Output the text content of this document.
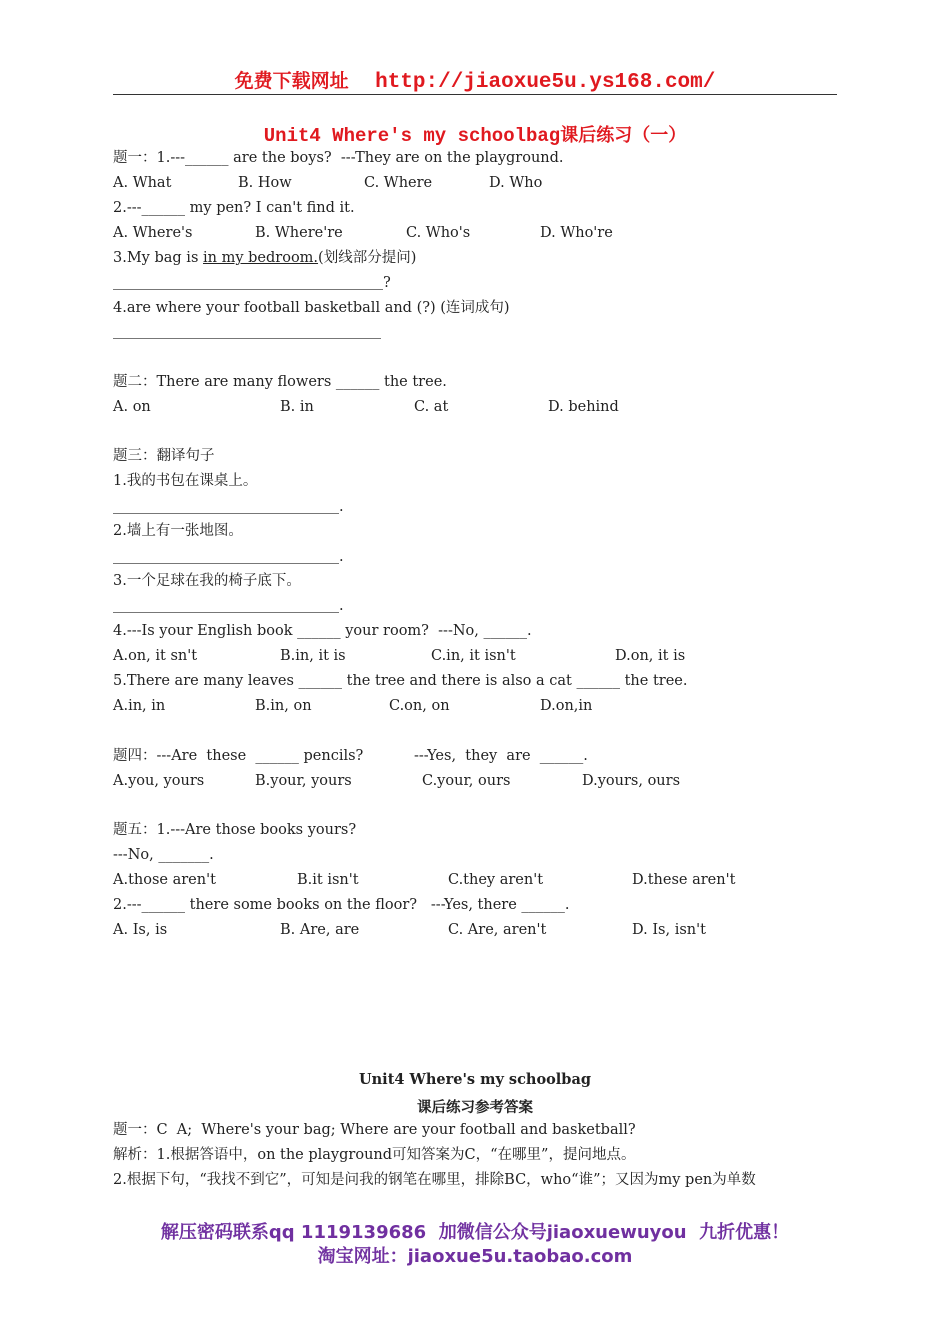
免费下载网址 http://jiaoxue5u.ys168.com/
Unit4 Where's my schoolbag课后练习（一）
题一：1.---______ are the boys?  ---They are on the playground.
A. What	B. How	C. Where	D. Who
2.---______ my pen? I can't find it.
A. Where's	B. Where're	C. Who's	D. Who're
3.My bag is in my bedroom.(划线部分提问)
?
4.are where your football basketball and (?) (连词成句)
题二：There are many flowers ______ the tree.
A. on	B. in	C. at	D. behind
题三：翻译句子
1.我的书包在课桌上。
.
2.墙上有一张地图。
.
3.一个足球在我的椅子底下。
.
4.---Is your English book ______ your room?  ---No, ______.
A.on, it sn't	B.in, it is	C.in, it isn't	D.on, it is
5.There are many leaves ______ the tree and there is also a cat ______ the tree.
A.in, in	B.in, on	C.on, on	D.on,in
题四：---Are  these  ______ pencils?           ---Yes,  they  are  ______.
A.you, yours	B.your, yours	C.your, ours	D.yours, ours
题五：1.---Are those books yours?
---No, _______.
A.those aren't	B.it isn't	C.they aren't	D.these aren't
2.---______ there some books on the floor?   ---Yes, there ______.
A. Is, is	B. Are, are	C. Are, aren't	D. Is, isn't
Unit4 Where's my schoolbag
课后练习参考答案
题一：C  A;  Where's your bag; Where are your football and basketball?
解析：1.根据答语中，on the playground可知答案为C，“在哪里”，提问地点。
2.根据下句，“我找不到它”，可知是问我的钢笔在哪里，排除BC，who“谁”；又因为my pen为单数
解压密码联系qq 1119139686 加微信公众号jiaoxuewuyou 九折优惠！
淘宝网址：jiaoxue5u.taobao.com
